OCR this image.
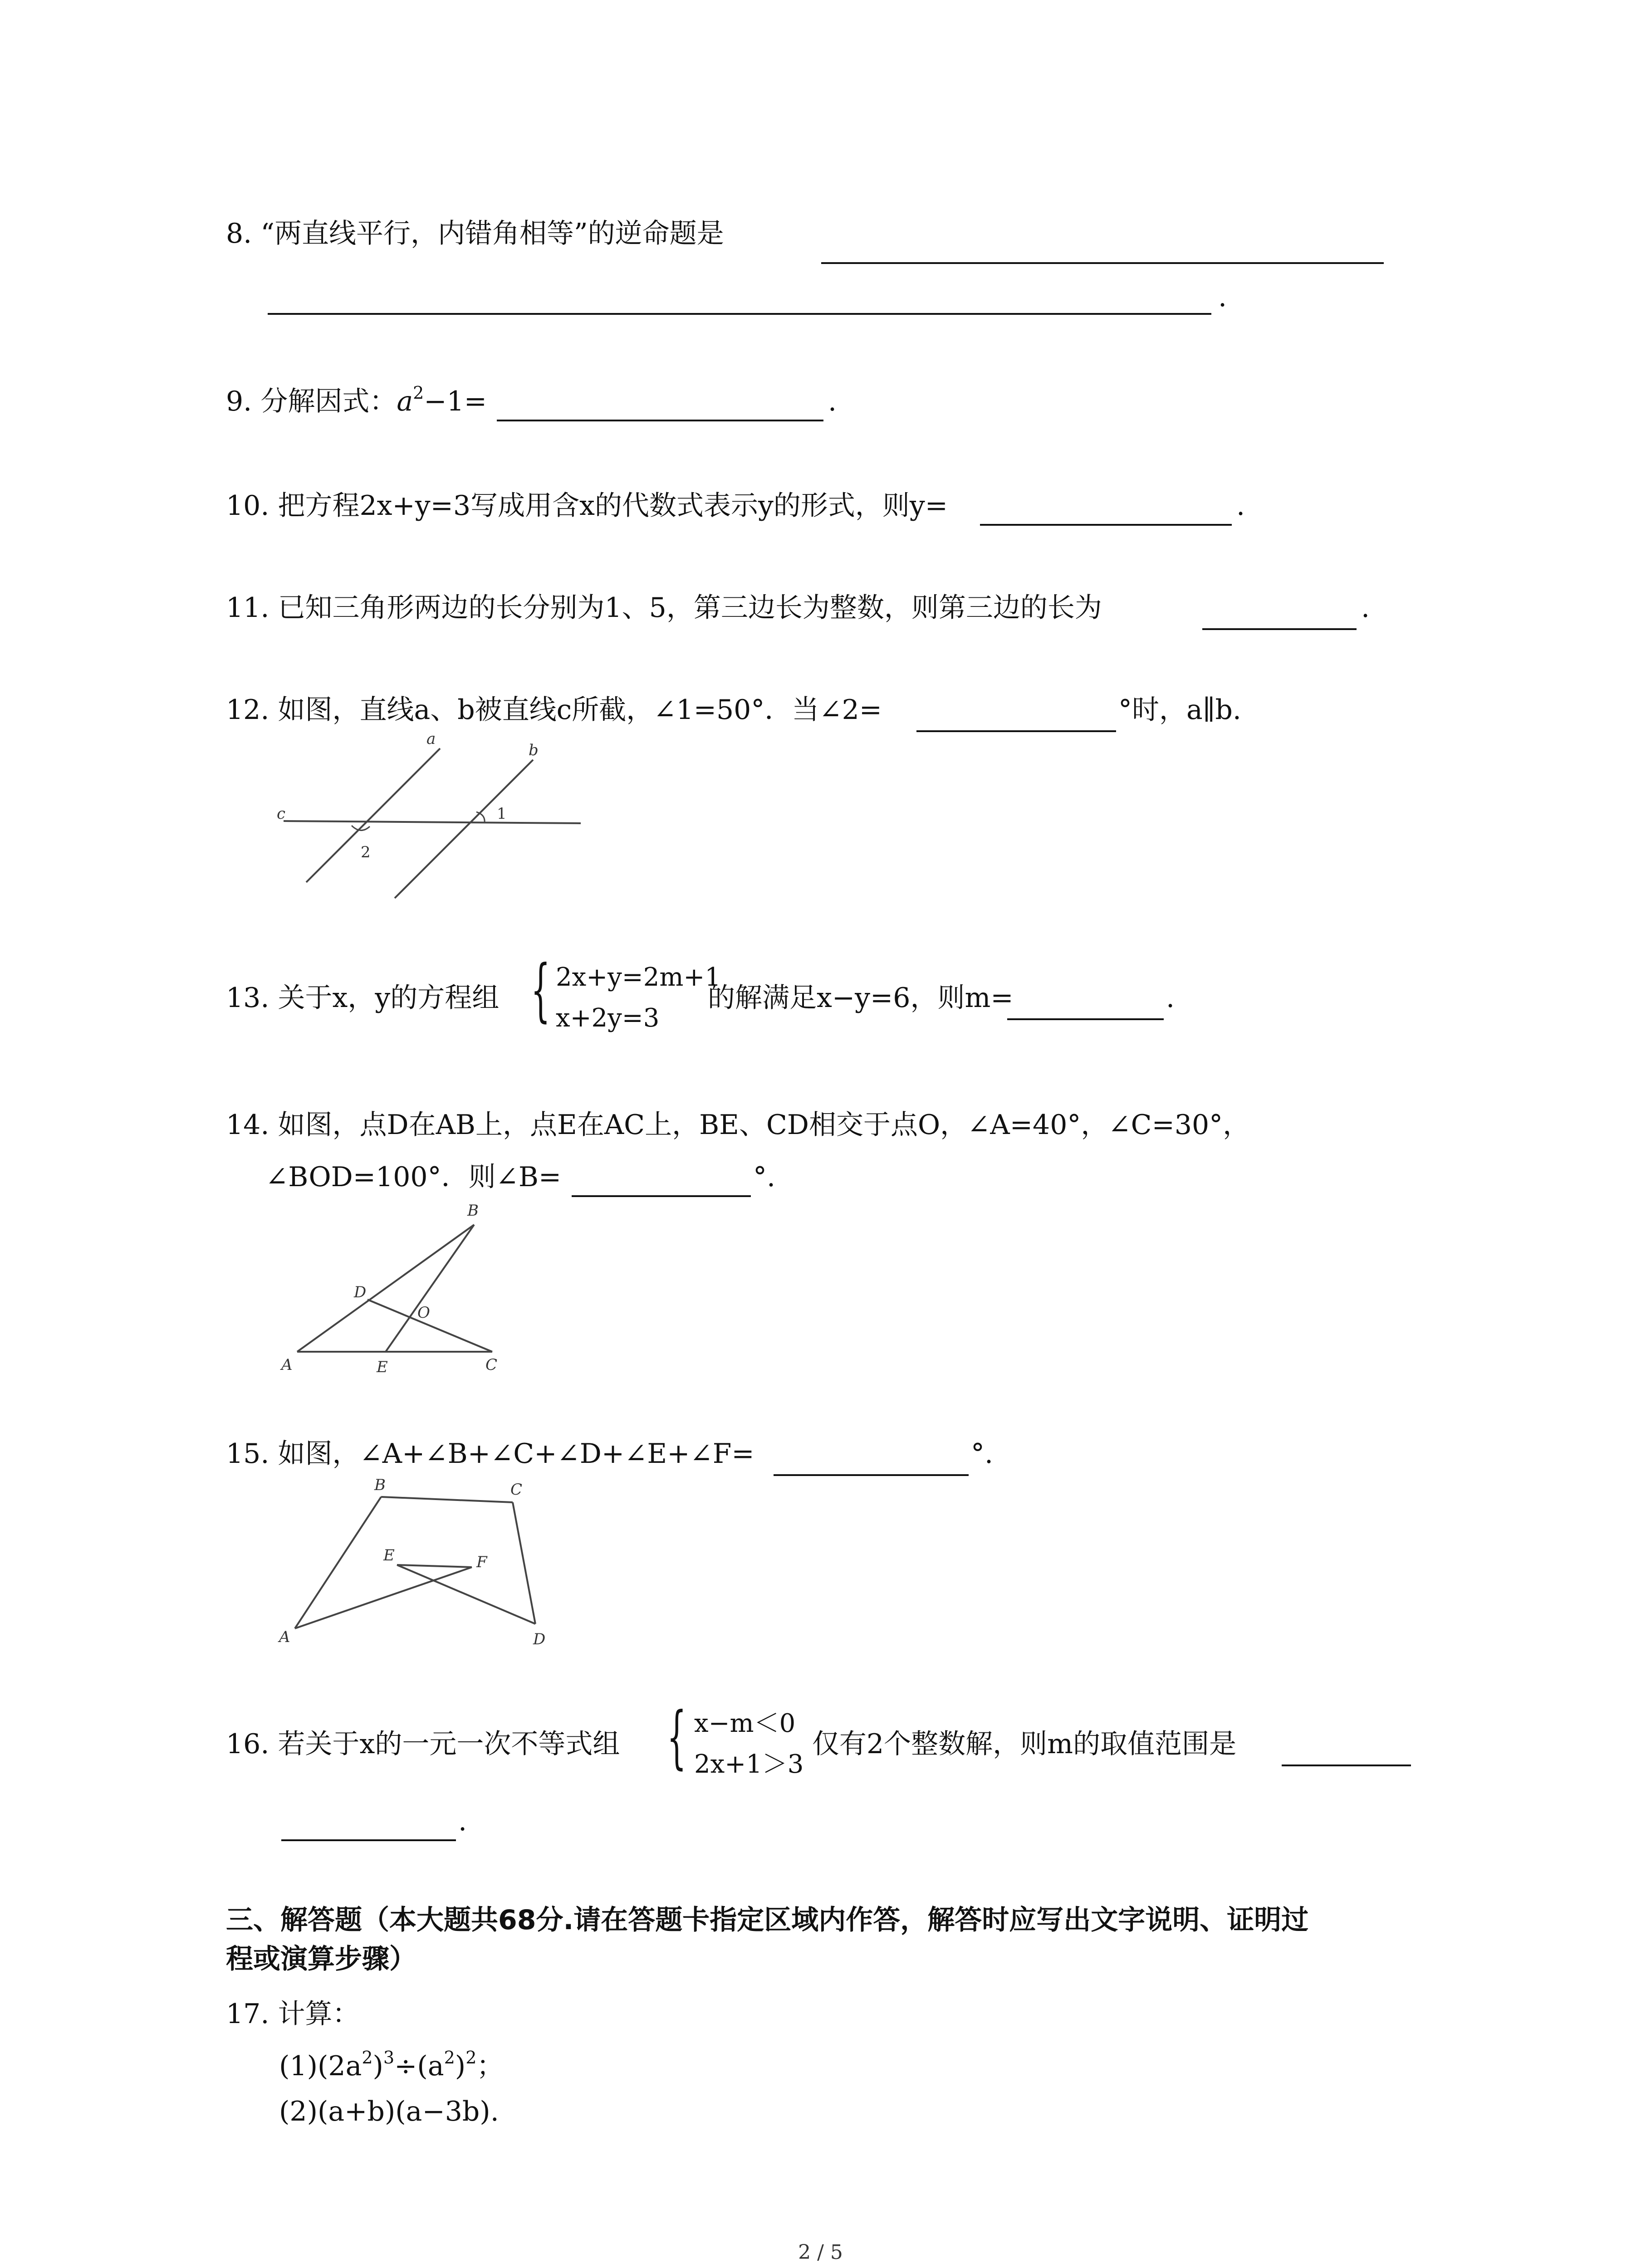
8. “两直线平行，内错角相等”的逆命题是
.
9. 分解因式：$a^2-1=$	.
10. 把方程2x+y=3写成用含x的代数式表示y的形式，则y=	.
11. 已知三角形两边的长分别为1、5，第三边长为整数，则第三边的长为	.
12. 如图，直线a、b被直线c所截，∠1=50°．当∠2=	°时，a∥b.
a
b
c	1
2
13. 关于x，y的方程组 { 2x+y=2m+1
x+2y=3
的解满足x−y=6，则m=	.
14. 如图，点D在AB上，点E在AC上，BE、CD相交于点O，∠A=40°，∠C=30°，
∠BOD=100°．则∠B=	°.
A
B
C
D
E
O
15. 如图，∠A+∠B+∠C+∠D+∠E+∠F=	°.
A
B	C
D
E	F
16. 若关于x的一元一次不等式组 { x−m＜0
2x+1＞3
仅有2个整数解，则m的取值范围是
.
三、解答题（本大题共68分.请在答题卡指定区域内作答，解答时应写出文字说明、证明过
程或演算步骤）
17. 计算：
$(1)(2a^2)^3\div(a^2)^2$；
(2)(a+b)(a−3b).
2 / 5
